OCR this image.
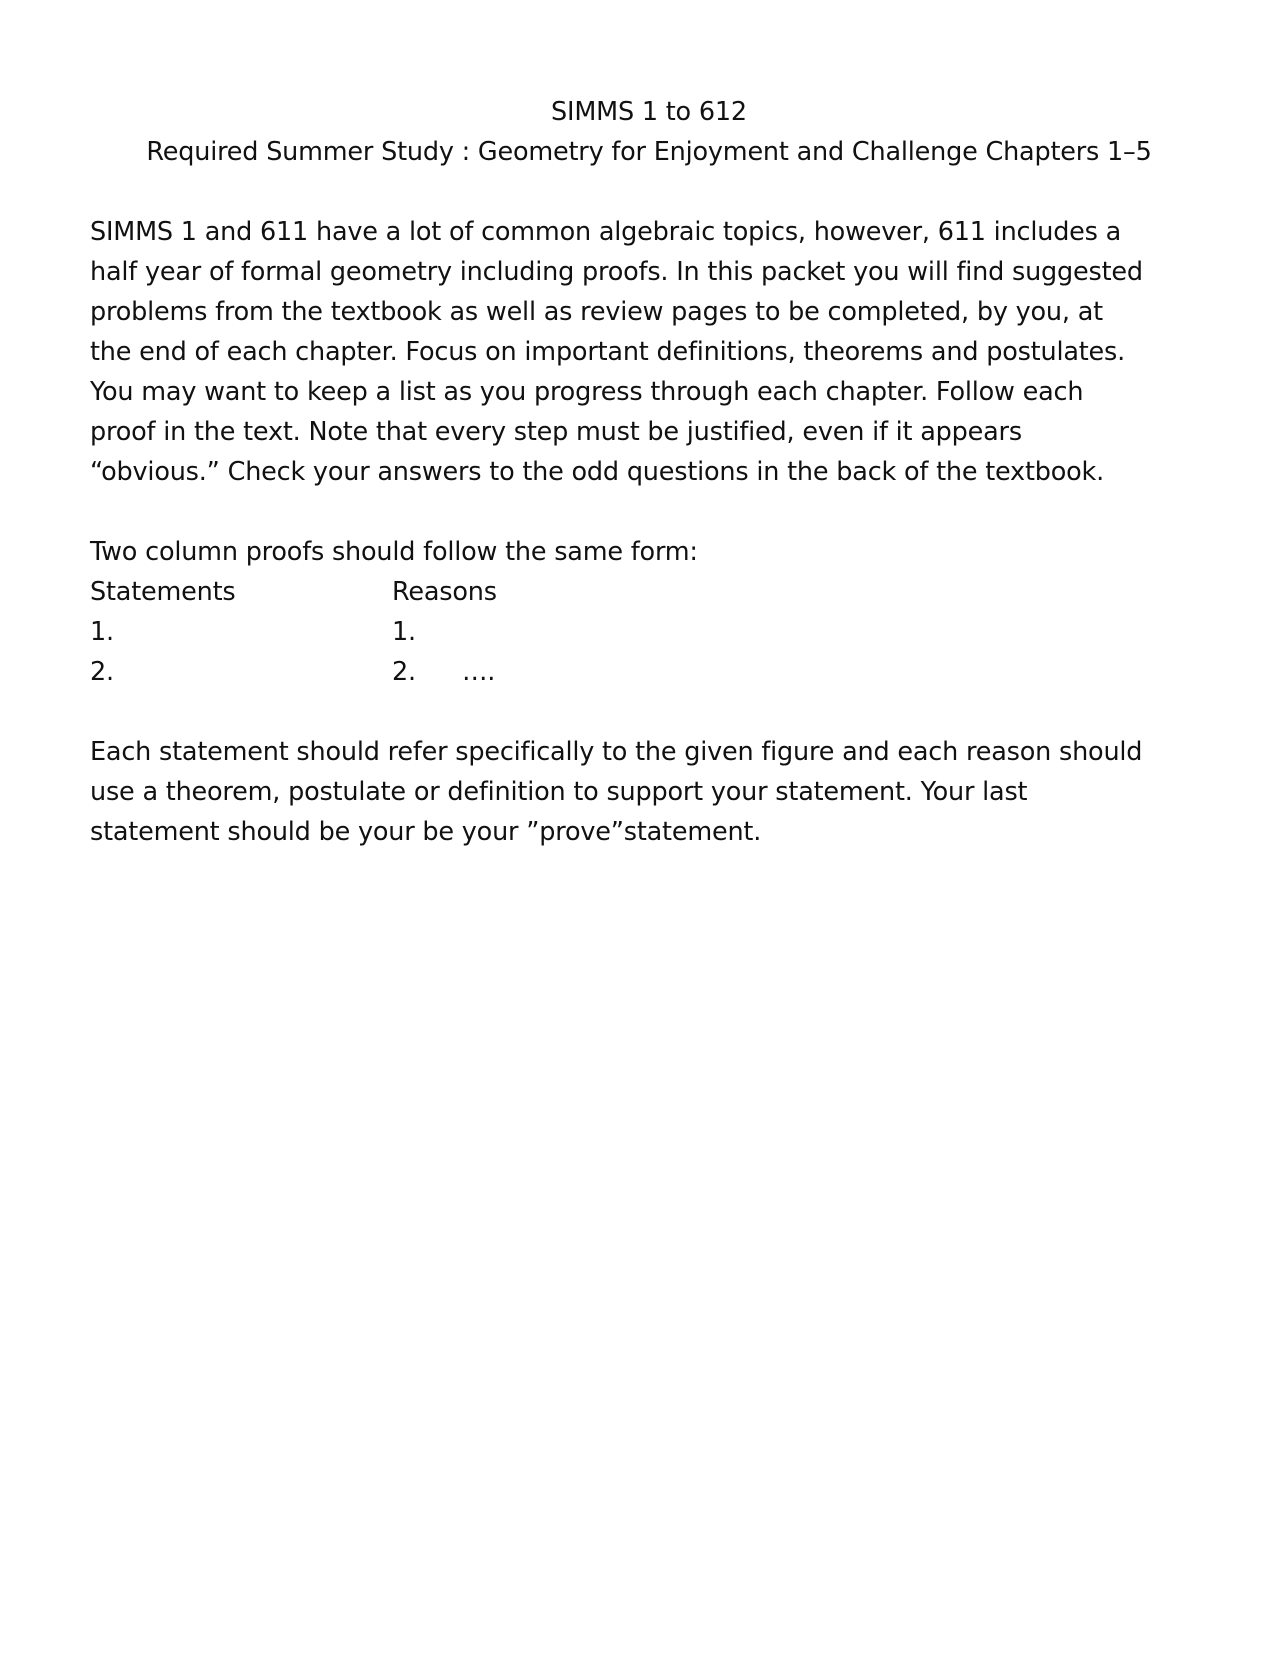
SIMMS 1 to 612
Required Summer Study : Geometry for Enjoyment and Challenge Chapters 1–5
SIMMS 1 and 611 have a lot of common algebraic topics, however, 611 includes a
half year of formal geometry including proofs. In this packet you will find suggested
problems from the textbook as well as review pages to be completed, by you, at
the end of each chapter. Focus on important definitions, theorems and postulates.
You may want to keep a list as you progress through each chapter. Follow each
proof in the text. Note that every step must be justified, even if it appears
“obvious.” Check your answers to the odd questions in the back of the textbook.
Two column proofs should follow the same form:
Statements	Reasons
1.	1.
2.	2. ….
Each statement should refer specifically to the given figure and each reason should
use a theorem, postulate or definition to support your statement. Your last
statement should be your be your ”prove”statement.
